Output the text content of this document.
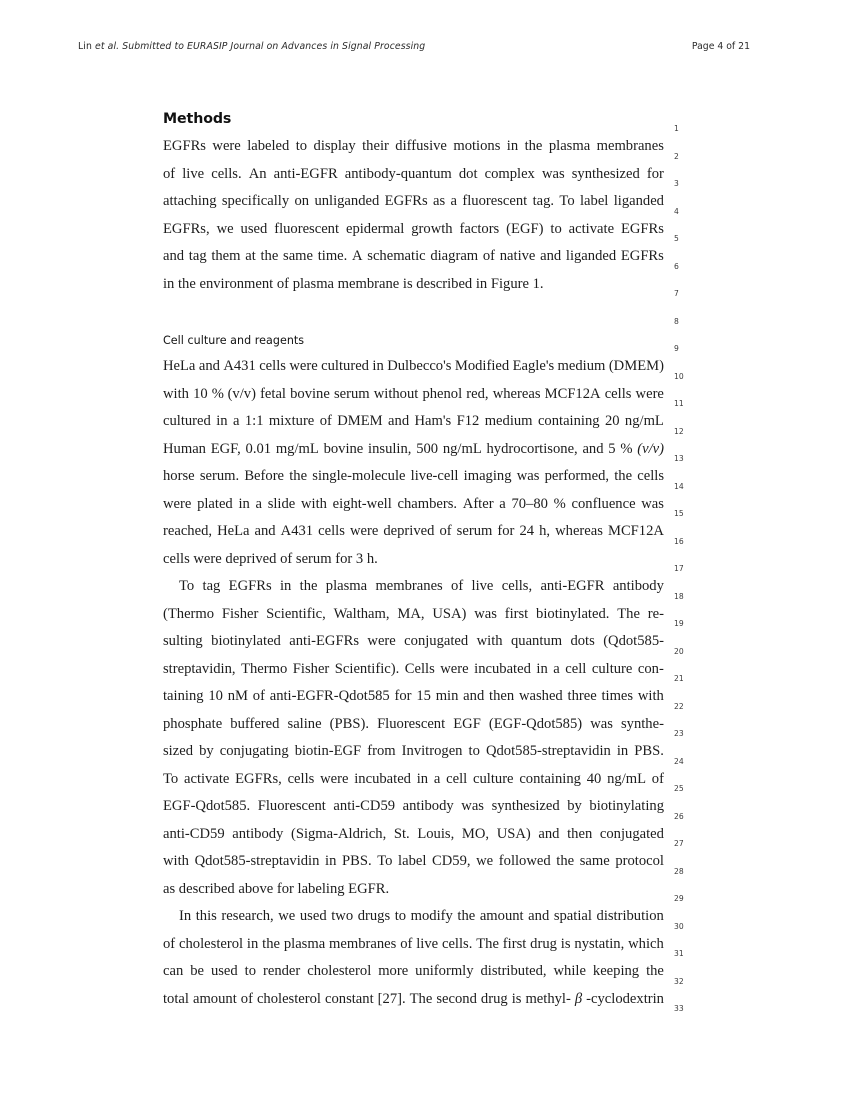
Lin et al. Submitted to EURASIP Journal on Advances in Signal Processing	Page 4 of 21
Methods
EGFRs were labeled to display their diffusive motions in the plasma membranes
of live cells. An anti-EGFR antibody-quantum dot complex was synthesized for
attaching specifically on unliganded EGFRs as a fluorescent tag. To label liganded
EGFRs, we used fluorescent epidermal growth factors (EGF) to activate EGFRs
and tag them at the same time. A schematic diagram of native and liganded EGFRs
in the environment of plasma membrane is described in Figure 1.
Cell culture and reagents
HeLa and A431 cells were cultured in Dulbecco's Modified Eagle's medium (DMEM)
with 10 % (v/v) fetal bovine serum without phenol red, whereas MCF12A cells were
cultured in a 1:1 mixture of DMEM and Ham's F12 medium containing 20 ng/mL
Human EGF, 0.01 mg/mL bovine insulin, 500 ng/mL hydrocortisone, and 5 % (v/v)
horse serum. Before the single-molecule live-cell imaging was performed, the cells
were plated in a slide with eight-well chambers. After a 70–80 % confluence was
reached, HeLa and A431 cells were deprived of serum for 24 h, whereas MCF12A
cells were deprived of serum for 3 h.
To tag EGFRs in the plasma membranes of live cells, anti-EGFR antibody
(Thermo Fisher Scientific, Waltham, MA, USA) was first biotinylated. The re-
sulting biotinylated anti-EGFRs were conjugated with quantum dots (Qdot585-
streptavidin, Thermo Fisher Scientific). Cells were incubated in a cell culture con-
taining 10 nM of anti-EGFR-Qdot585 for 15 min and then washed three times with
phosphate buffered saline (PBS). Fluorescent EGF (EGF-Qdot585) was synthe-
sized by conjugating biotin-EGF from Invitrogen to Qdot585-streptavidin in PBS.
To activate EGFRs, cells were incubated in a cell culture containing 40 ng/mL of
EGF-Qdot585. Fluorescent anti-CD59 antibody was synthesized by biotinylating
anti-CD59 antibody (Sigma-Aldrich, St. Louis, MO, USA) and then conjugated
with Qdot585-streptavidin in PBS. To label CD59, we followed the same protocol
as described above for labeling EGFR.
In this research, we used two drugs to modify the amount and spatial distribution
of cholesterol in the plasma membranes of live cells. The first drug is nystatin, which
can be used to render cholesterol more uniformly distributed, while keeping the
total amount of cholesterol constant [27]. The second drug is methyl- β -cyclodextrin
1
2
3
4
5
6
7
8
9
10
11
12
13
14
15
16
17
18
19
20
21
22
23
24
25
26
27
28
29
30
31
32
33
